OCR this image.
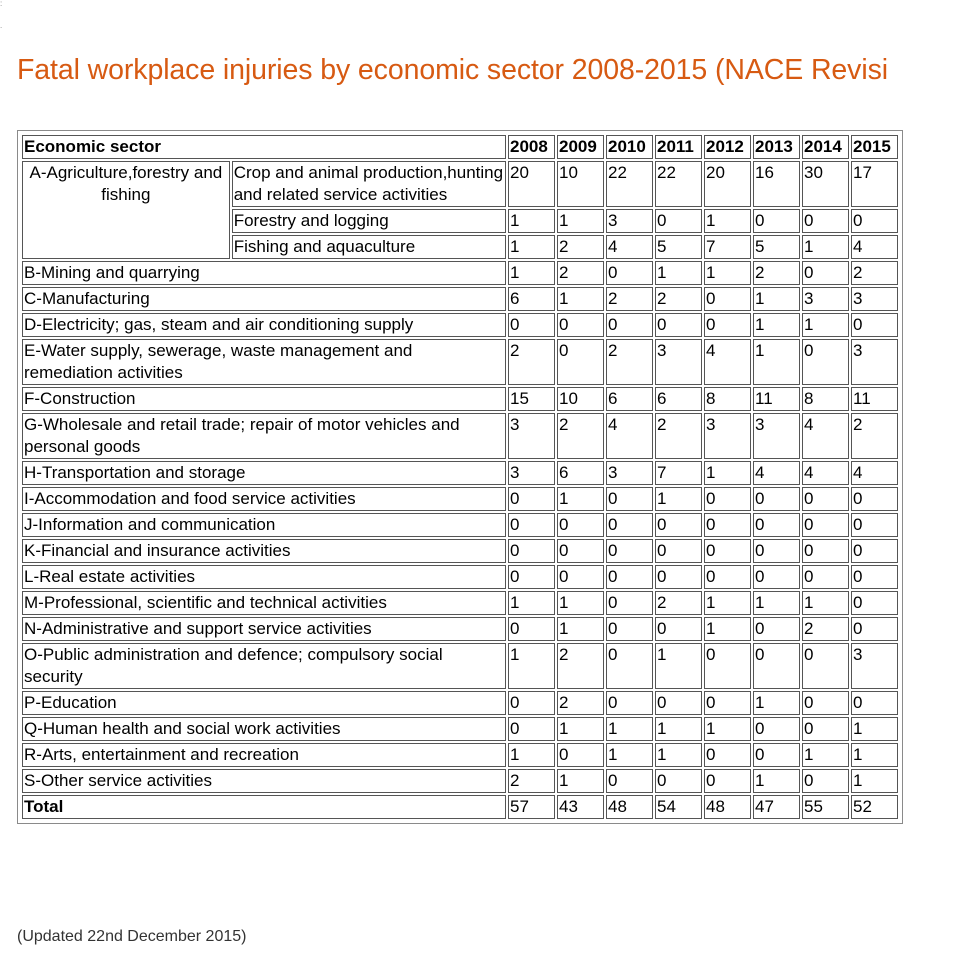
:
.
Fatal workplace injuries by economic sector 2008-2015 (NACE Revisi
Economic sector		2008	2009	2010	2011	2012	2013	2014	2015
A-Agriculture,forestry and fishing	Crop and animal production,hunting and related service activities	20	10	22	22	20	16	30	17
	Forestry and logging	1	1	3	0	1	0	0	0
	Fishing and aquaculture	1	2	4	5	7	5	1	4
B-Mining and quarrying		1	2	0	1	1	2	0	2
C-Manufacturing		6	1	2	2	0	1	3	3
D-Electricity; gas, steam and air conditioning supply		0	0	0	0	0	1	1	0
E-Water supply, sewerage, waste management and remediation activities		2	0	2	3	4	1	0	3
F-Construction		15	10	6	6	8	11	8	11
G-Wholesale and retail trade; repair of motor vehicles and personal goods		3	2	4	2	3	3	4	2
H-Transportation and storage		3	6	3	7	1	4	4	4
I-Accommodation and food service activities		0	1	0	1	0	0	0	0
J-Information and communication		0	0	0	0	0	0	0	0
K-Financial and insurance activities		0	0	0	0	0	0	0	0
L-Real estate activities		0	0	0	0	0	0	0	0
M-Professional, scientific and technical activities		1	1	0	2	1	1	1	0
N-Administrative and support service activities		0	1	0	0	1	0	2	0
O-Public administration and defence; compulsory social security		1	2	0	1	0	0	0	3
P-Education		0	2	0	0	0	1	0	0
Q-Human health and social work activities		0	1	1	1	1	0	0	1
R-Arts, entertainment and recreation		1	0	1	1	0	0	1	1
S-Other service activities		2	1	0	0	0	1	0	1
Total		57	43	48	54	48	47	55	52
(Updated 22nd December 2015)
